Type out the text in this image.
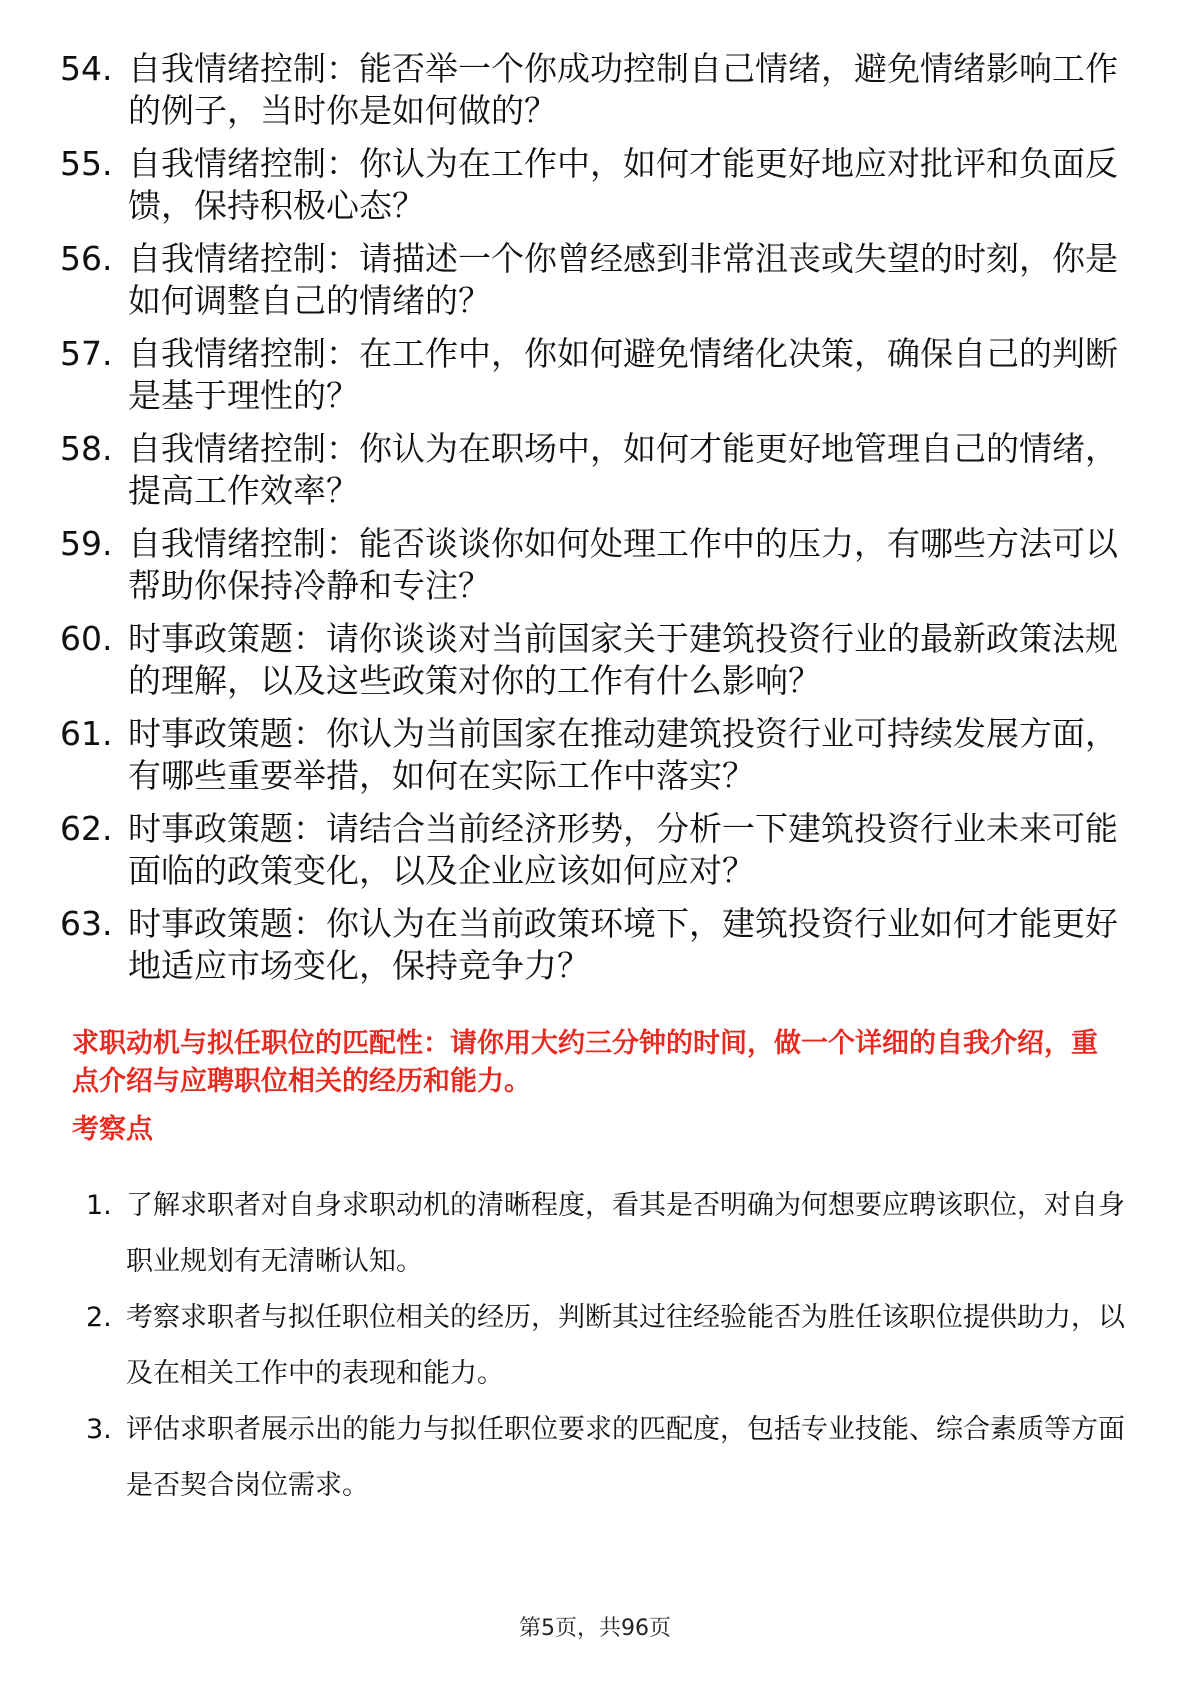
54. 自我情绪控制：能否举一个你成功控制自己情绪，避免情绪影响工作的例子，当时你是如何做的？
55. 自我情绪控制：你认为在工作中，如何才能更好地应对批评和负面反馈，保持积极心态？
56. 自我情绪控制：请描述一个你曾经感到非常沮丧或失望的时刻，你是如何调整自己的情绪的？
57. 自我情绪控制：在工作中，你如何避免情绪化决策，确保自己的判断是基于理性的？
58. 自我情绪控制：你认为在职场中，如何才能更好地管理自己的情绪，提高工作效率？
59. 自我情绪控制：能否谈谈你如何处理工作中的压力，有哪些方法可以帮助你保持冷静和专注？
60. 时事政策题：请你谈谈对当前国家关于建筑投资行业的最新政策法规的理解，以及这些政策对你的工作有什么影响？
61. 时事政策题：你认为当前国家在推动建筑投资行业可持续发展方面，有哪些重要举措，如何在实际工作中落实？
62. 时事政策题：请结合当前经济形势，分析一下建筑投资行业未来可能面临的政策变化，以及企业应该如何应对？
63. 时事政策题：你认为在当前政策环境下，建筑投资行业如何才能更好地适应市场变化，保持竞争力？
求职动机与拟任职位的匹配性：请你用大约三分钟的时间，做一个详细的自我介绍，重点介绍与应聘职位相关的经历和能力。
考察点
1. 了解求职者对自身求职动机的清晰程度，看其是否明确为何想要应聘该职位，对自身职业规划有无清晰认知。
2. 考察求职者与拟任职位相关的经历，判断其过往经验能否为胜任该职位提供助力，以及在相关工作中的表现和能力。
3. 评估求职者展示出的能力与拟任职位要求的匹配度，包括专业技能、综合素质等方面是否契合岗位需求。
第5页，共96页
